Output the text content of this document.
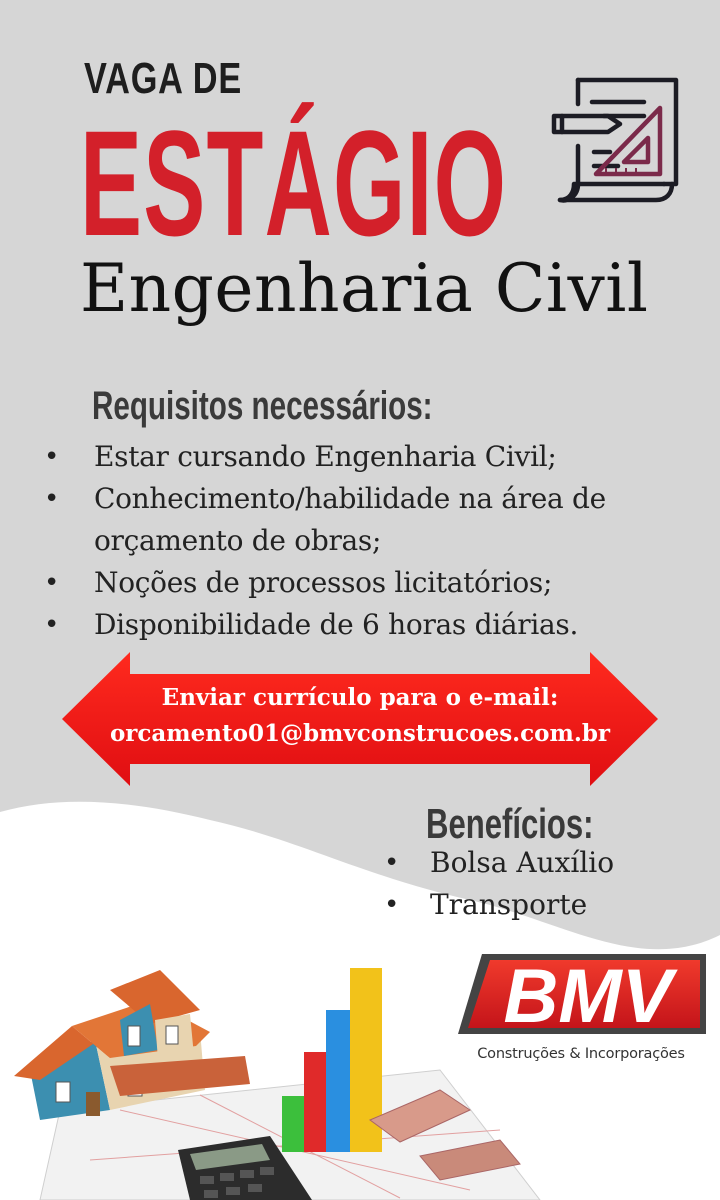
VAGA DE
ESTÁGIO
Engenharia Civil
Requisitos necessários:
• Estar cursando Engenharia Civil;
• Conhecimento/habilidade na área de orçamento de obras;
• Noções de processos licitatórios;
• Disponibilidade de 6 horas diárias.
Enviar currículo para o e-mail:
orcamento01@bmvconstrucoes.com.br
Benefícios:
• Bolsa Auxílio
• Transporte
BMV
Construções & Incorporações
